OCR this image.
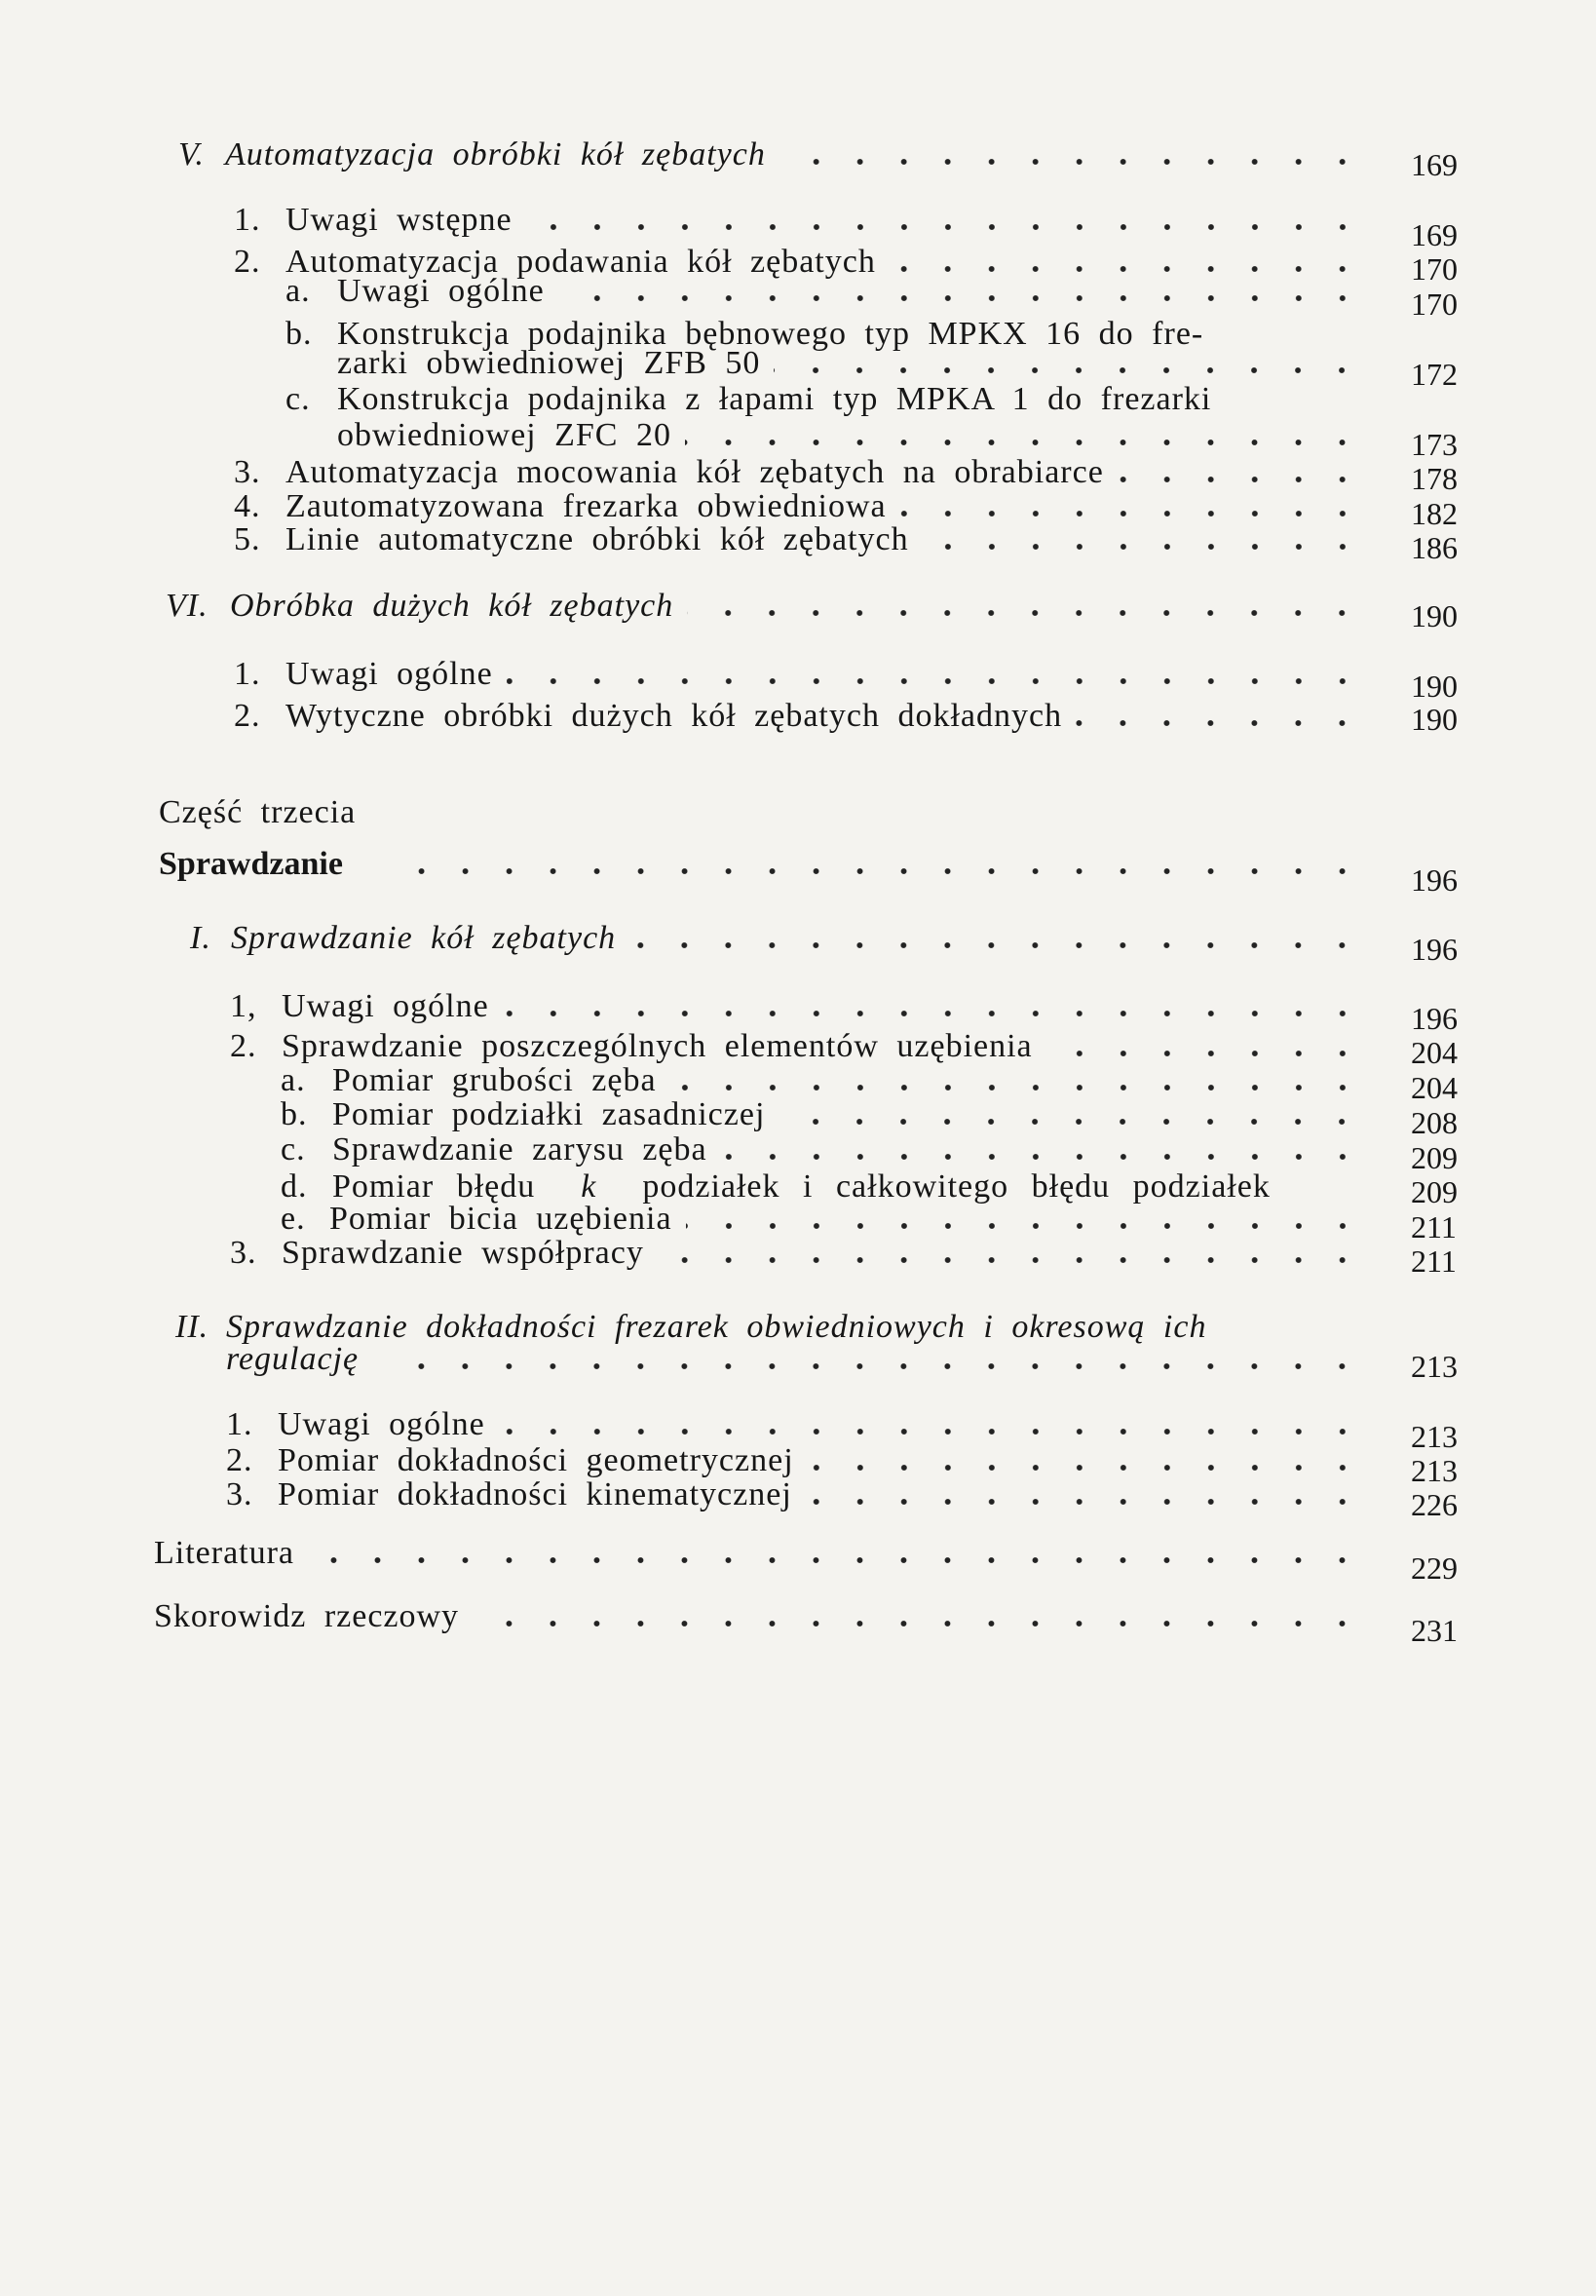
V. Automatyzacja obróbki kół zębatych	169
1. Uwagi wstępne	169
2. Automatyzacja podawania kół zębatych	170
a. Uwagi ogólne	170
b. Konstrukcja podajnika bębnowego typ MPKX 16 do fre-
zarki obwiedniowej ZFB 50	172
c. Konstrukcja podajnika z łapami typ MPKA 1 do frezarki
obwiedniowej ZFC 20	173
3. Automatyzacja mocowania kół zębatych na obrabiarce	178
4. Zautomatyzowana frezarka obwiedniowa	182
5. Linie automatyczne obróbki kół zębatych	186
VI. Obróbka dużych kół zębatych	190
1. Uwagi ogólne	190
2. Wytyczne obróbki dużych kół zębatych dokładnych	190
Część trzecia
Sprawdzanie	196
I. Sprawdzanie kół zębatych	196
1, Uwagi ogólne	196
2. Sprawdzanie poszczególnych elementów uzębienia	204
a. Pomiar grubości zęba	204
b. Pomiar podziałki zasadniczej	208
c. Sprawdzanie zarysu zęba	209
d. Pomiar błędu
k
podziałek i całkowitego błędu podziałek	209
e. Pomiar bicia uzębienia	211
3. Sprawdzanie współpracy	211
II. Sprawdzanie dokładności frezarek obwiedniowych i okresową ich
regulację	213
1. Uwagi ogólne	213
2. Pomiar dokładności geometrycznej	213
3. Pomiar dokładności kinematycznej	226
Literatura	229
Skorowidz rzeczowy	231
